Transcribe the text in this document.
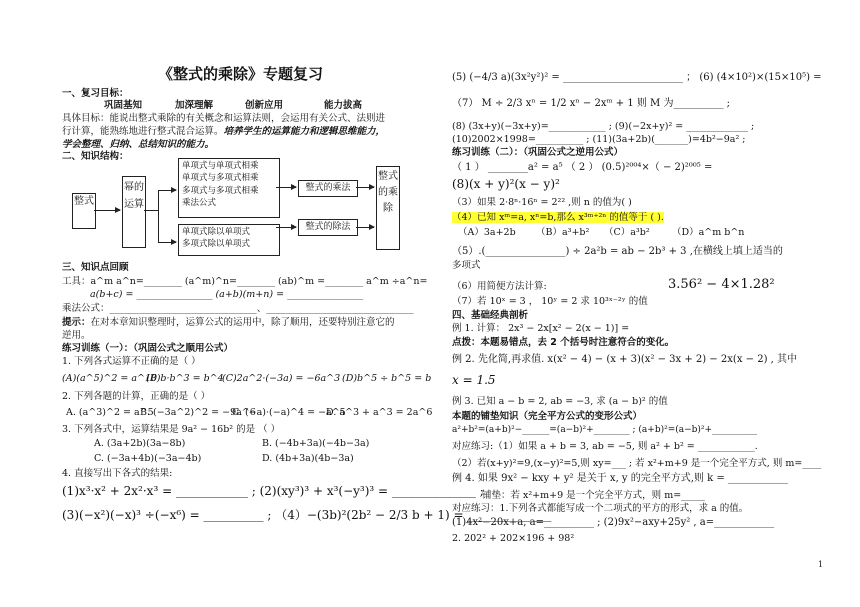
《整式的乘除》专题复习
一、复习目标：
巩固基知	加深理解	创新应用	能力拔高
具体目标：能说出整式乘除的有关概念和运算法则，会运用有关公式、法则进
行计算，能熟练地进行整式混合运算。培养学生的运算能力和逻辑思维能力，
学会整理、归纳、总结知识的能力。
二、知识结构：
整式
幂的运算
单项式与单项式相乘
单项式与多项式相乘
多项式与多项式相乘
乘法公式
单项式除以单项式
多项式除以单项式
整式的乘法
整式的除法
整式的乘除
三、知识点回顾
工具：a^m a^n=________ (a^m)^n=________ (ab)^m =________ a^m ÷a^n=
a(b+c) = ________________ (a+b)(m+n) = ________________
乘法公式：_______________________________、_______________________________
提示：在对本章知识整理时，运算公式的运用中，除了顺用，还要特别注意它的
逆用。
练习训练（一）：（巩固公式之顺用公式）
1. 下列各式运算不正确的是（ ）
(A)(a^5)^2 = a^10
(B)b·b^3 = b^4
(C)2a^2·(−3a) = −6a^3 (D)b^5 ÷ b^5 = b
2. 下列各题的计算，正确的是（ ）
A. (a^3)^2 = a^5
B. (−3a^2)^2 = −9a^6
C. (−a)·(−a)^4 = −a^5
D. a^3 + a^3 = 2a^6
3. 下列各式中，运算结果是 9a² − 16b² 的是 （ ）
A. (3a+2b)(3a−8b)	B. (−4b+3a)(−4b−3a)
C. (−3a+4b)(−3a−4b)	D. (4b+3a)(4b−3a)
4. 直接写出下各式的结果:
(1)x³·x² + 2x²·x³ = ____________ ; (2)(xy³)³ + x³(−y³)³ = ______________ ;
(3)(−x²)(−x)³ ÷(−x⁶) = __________ ; （4）−(3b)²(2b² − 2/3 b + 1) = ______________
(5) (−4/3 a)(3x²y²)² = ________________________ ； (6) (4×10²)×(15×10⁵) =
（7） M ÷ 2/3 xⁿ = 1/2 xⁿ − 2xᵐ + 1 则 M 为__________ ;
(8) (3x+y)(−3x+y)=____________ ; (9)(−2x+y)² = _____________ ;
(10)2002×1998=__________ ; (11)(3a+2b)(_______)=4b²−9a² ;
练习训练（二）：（巩固公式之逆用公式）
（ 1 ） ________a² = a⁵ （ 2 ） (0.5)²⁰⁰⁴×（ − 2)²⁰⁰⁵ =
(8)(x + y)²(x − y)²
（3）如果 2·8ⁿ·16ⁿ = 2²² ,则 n 的值为( )
（4）已知 xᵐ=a, xⁿ=b,那么 x³ᵐ⁺²ⁿ 的值等于 ( ).
（A）3a+2b （B）a³+b² （C）a³b² （D）a^m b^n
（5）.(________________) ÷ 2a²b = ab − 2b³ + 3 ,在横线上填上适当的
多项式
（6）用简便方法计算:	3.56² − 4×1.28²
（7）若 10ˣ = 3 ， 10ʸ = 2 求 10³ˣ⁻²ʸ 的值
四、基础经典剖析
例 1. 计算： 2x³ − 2x[x² − 2(x − 1)] =
点拨：本题易错点，去 2 个括号时注意符合的变化。
例 2. 先化简,再求值. x(x² − 4) − (x + 3)(x² − 3x + 2) − 2x(x − 2) , 其中
x = 1.5
例 3. 已知 a − b = 2, ab = −3, 求 (a − b)² 的值
本题的铺垫知识（完全平方公式的变形公式）
a²+b²=(a+b)²−______=(a−b)²+________ ; (a+b)²=(a−b)²+__________
对应练习:（1）如果 a + b = 3, ab = −5, 则 a² + b² = ____________.
（2）若(x+y)²=9,(x−y)²=5,则 xy=___ ; 若 x²+m+9 是一个完全平方式, 则 m=____
例 4. 如果 9x² − kxy + y² 是关于 x, y 的完全平方式,则 k = ____________
铺垫：若 x²+m+9 是一个完全平方式，则 m=_____
对应练习：1.下列各式都能写成一个二项式的平方的形式，求 a 的值。
(1)4x²−20x+a, a=__________ ; (2)9x²−axy+25y² , a=____________
2. 202² + 202×196 + 98²
1
